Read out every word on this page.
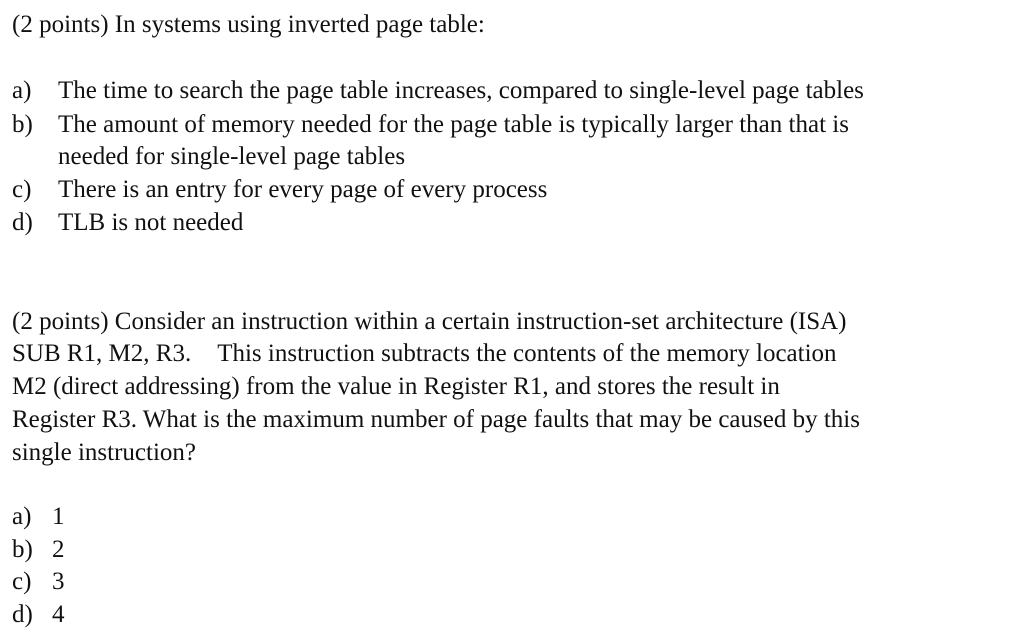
(2 points) In systems using inverted page table:
a) The time to search the page table increases, compared to single-level page tables
b) The amount of memory needed for the page table is typically larger than that is
needed for single-level page tables
c) There is an entry for every page of every process
d) TLB is not needed
(2 points) Consider an instruction within a certain instruction-set architecture (ISA)
SUB R1, M2, R3. This instruction subtracts the contents of the memory location
M2 (direct addressing) from the value in Register R1, and stores the result in
Register R3. What is the maximum number of page faults that may be caused by this
single instruction?
a) 1
b) 2
c) 3
d) 4
